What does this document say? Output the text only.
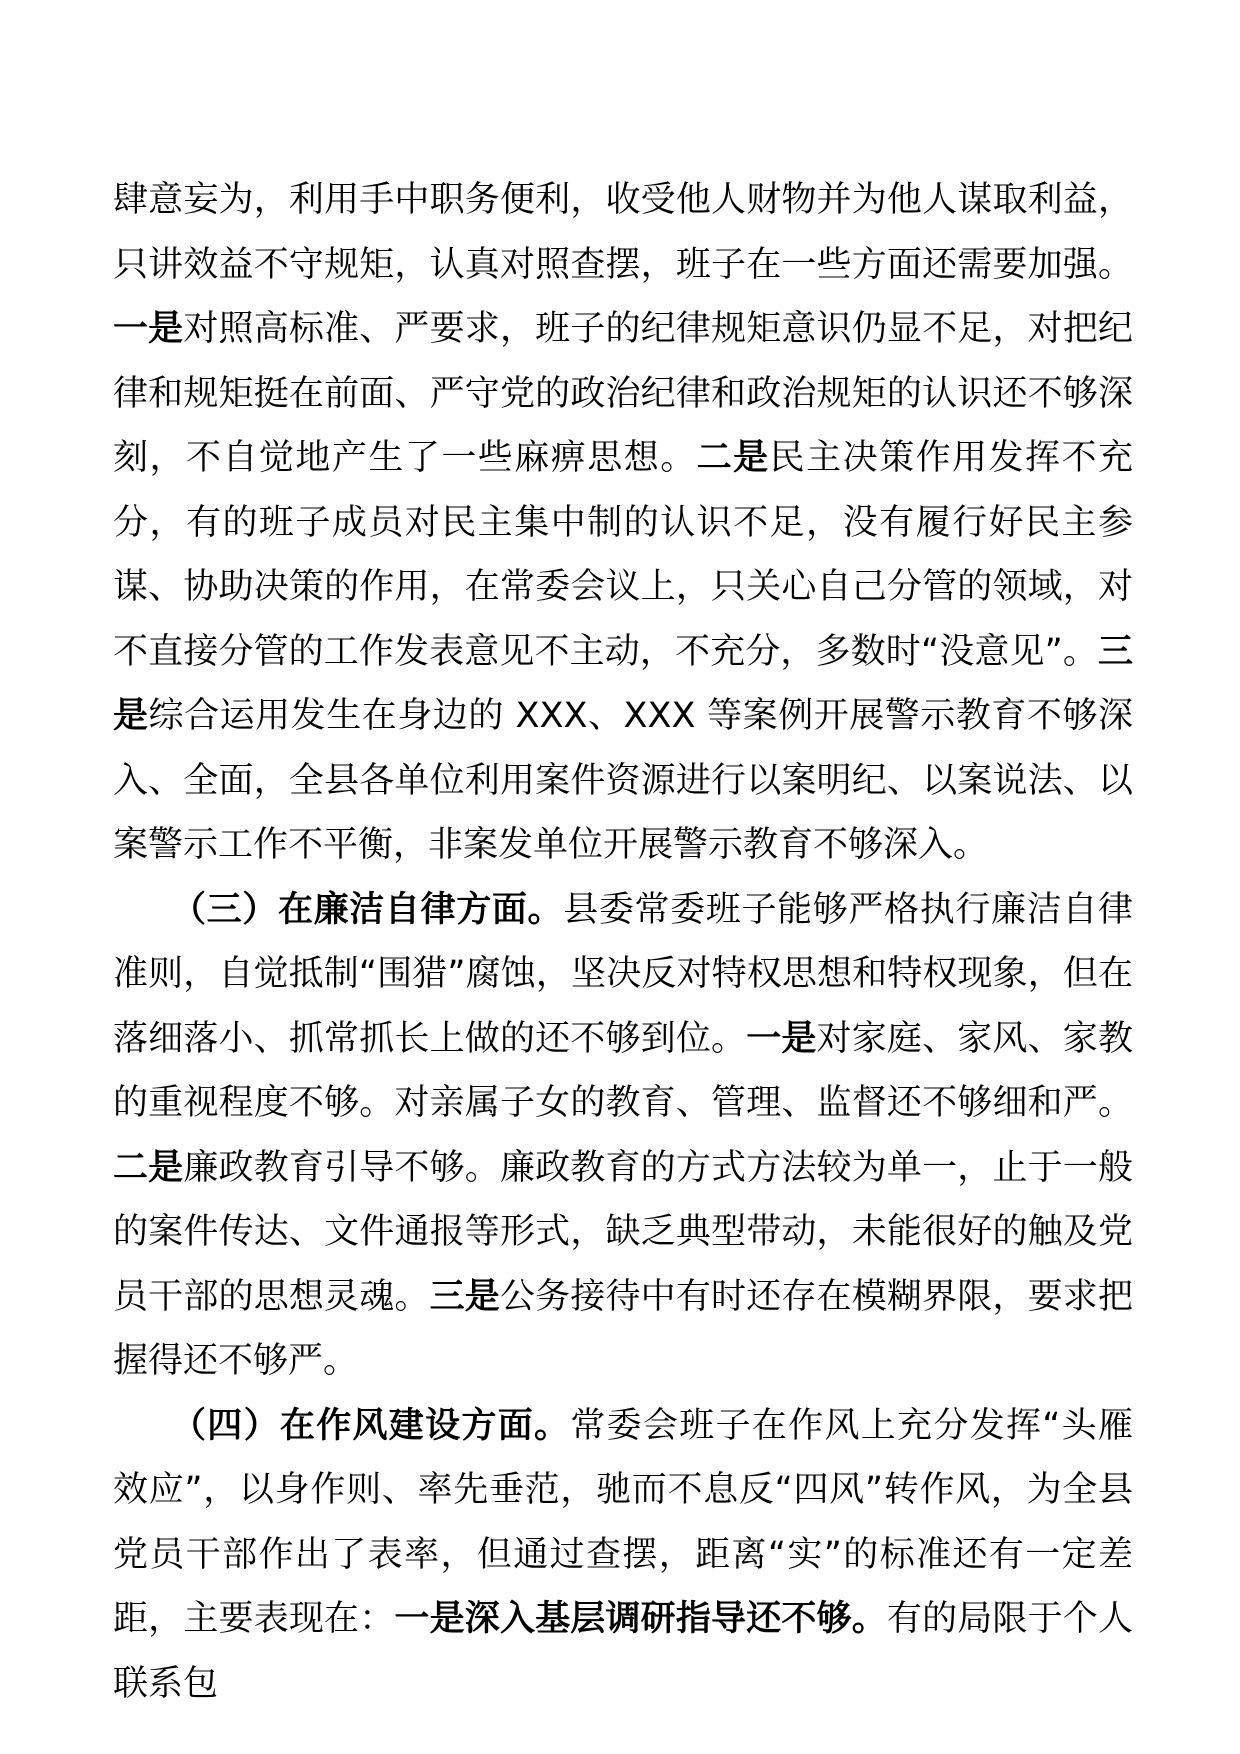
肆意妄为，利用手中职务便利，收受他人财物并为他人谋取利益，只讲效益不守规矩，认真对照查摆，班子在一些方面还需要加强。一是对照高标准、严要求，班子的纪律规矩意识仍显不足，对把纪律和规矩挺在前面、严守党的政治纪律和政治规矩的认识还不够深刻，不自觉地产生了一些麻痹思想。二是民主决策作用发挥不充分，有的班子成员对民主集中制的认识不足，没有履行好民主参谋、协助决策的作用，在常委会议上，只关心自己分管的领域，对不直接分管的工作发表意见不主动，不充分，多数时“没意见”。三是综合运用发生在身边的 XXX、XXX 等案例开展警示教育不够深入、全面，全县各单位利用案件资源进行以案明纪、以案说法、以案警示工作不平衡，非案发单位开展警示教育不够深入。

（三）在廉洁自律方面。县委常委班子能够严格执行廉洁自律准则，自觉抵制“围猎”腐蚀，坚决反对特权思想和特权现象，但在落细落小、抓常抓长上做的还不够到位。一是对家庭、家风、家教的重视程度不够。对亲属子女的教育、管理、监督还不够细和严。二是廉政教育引导不够。廉政教育的方式方法较为单一，止于一般的案件传达、文件通报等形式，缺乏典型带动，未能很好的触及党员干部的思想灵魂。三是公务接待中有时还存在模糊界限，要求把握得还不够严。

（四）在作风建设方面。常委会班子在作风上充分发挥“头雁效应”，以身作则、率先垂范，驰而不息反“四风”转作风，为全县党员干部作出了表率，但通过查摆，距离“实”的标准还有一定差距，主要表现在：一是深入基层调研指导还不够。有的局限于个人联系包
